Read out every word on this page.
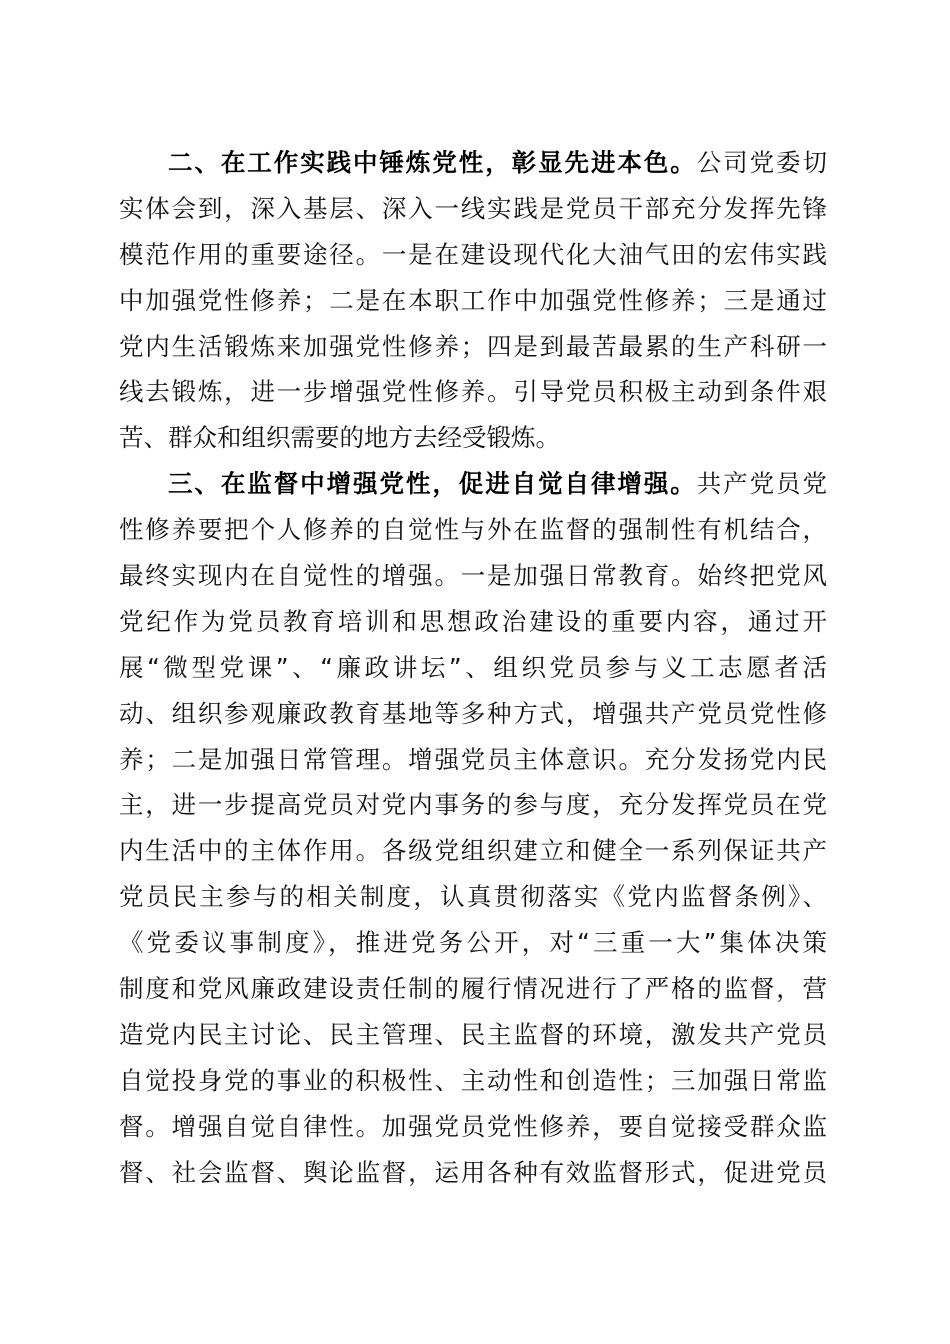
二、在工作实践中锤炼党性，彰显先进本色。公司党委切
实体会到，深入基层、深入一线实践是党员干部充分发挥先锋
模范作用的重要途径。一是在建设现代化大油气田的宏伟实践
中加强党性修养；二是在本职工作中加强党性修养；三是通过
党内生活锻炼来加强党性修养；四是到最苦最累的生产科研一
线去锻炼，进一步增强党性修养。引导党员积极主动到条件艰
苦、群众和组织需要的地方去经受锻炼。
三、在监督中增强党性，促进自觉自律增强。共产党员党
性修养要把个人修养的自觉性与外在监督的强制性有机结合，
最终实现内在自觉性的增强。一是加强日常教育。始终把党风
党纪作为党员教育培训和思想政治建设的重要内容，通过开
展“微型党课”、“廉政讲坛”、组织党员参与义工志愿者活
动、组织参观廉政教育基地等多种方式，增强共产党员党性修
养；二是加强日常管理。增强党员主体意识。充分发扬党内民
主，进一步提高党员对党内事务的参与度，充分发挥党员在党
内生活中的主体作用。各级党组织建立和健全一系列保证共产
党员民主参与的相关制度，认真贯彻落实《党内监督条例》、
《党委议事制度》，推进党务公开，对“三重一大”集体决策
制度和党风廉政建设责任制的履行情况进行了严格的监督，营
造党内民主讨论、民主管理、民主监督的环境，激发共产党员
自觉投身党的事业的积极性、主动性和创造性；三加强日常监
督。增强自觉自律性。加强党员党性修养，要自觉接受群众监
督、社会监督、舆论监督，运用各种有效监督形式，促进党员
